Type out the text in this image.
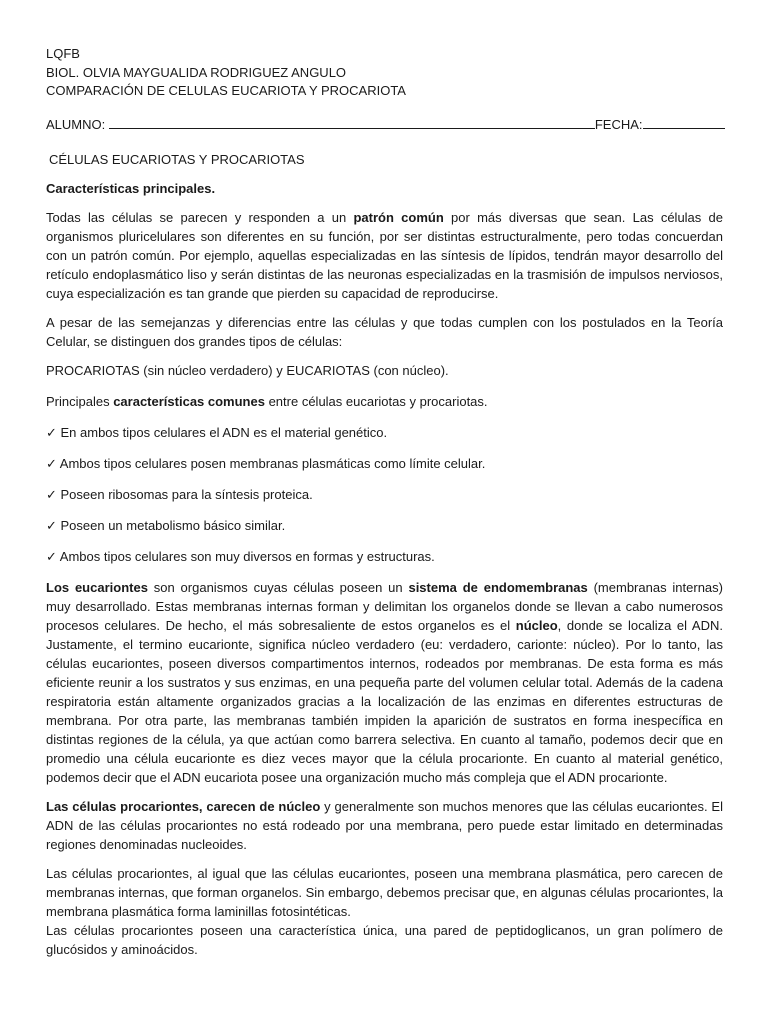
LQFB
BIOL. OLVIA MAYGUALIDA RODRIGUEZ ANGULO
COMPARACIÓN DE CELULAS EUCARIOTA Y PROCARIOTA
ALUMNO:	FECHA:

CÉLULAS EUCARIOTAS Y PROCARIOTAS

Características principales.

Todas las células se parecen y responden a un patrón común por más diversas que sean. Las células de organismos pluricelulares son diferentes en su función, por ser distintas estructuralmente, pero todas concuerdan con un patrón común. Por ejemplo, aquellas especializadas en las síntesis de lípidos, tendrán mayor desarrollo del retículo endoplasmático liso y serán distintas de las neuronas especializadas en la trasmisión de impulsos nerviosos, cuya especialización es tan grande que pierden su capacidad de reproducirse.

A pesar de las semejanzas y diferencias entre las células y que todas cumplen con los postulados en la Teoría Celular, se distinguen dos grandes tipos de células:

PROCARIOTAS (sin núcleo verdadero) y EUCARIOTAS (con núcleo).

Principales características comunes entre células eucariotas y procariotas.

✓ En ambos tipos celulares el ADN es el material genético.

✓ Ambos tipos celulares posen membranas plasmáticas como límite celular.

✓ Poseen ribosomas para la síntesis proteica.

✓ Poseen un metabolismo básico similar.

✓ Ambos tipos celulares son muy diversos en formas y estructuras.

Los eucariontes son organismos cuyas células poseen un sistema de endomembranas (membranas internas) muy desarrollado. Estas membranas internas forman y delimitan los organelos donde se llevan a cabo numerosos procesos celulares. De hecho, el más sobresaliente de estos organelos es el núcleo, donde se localiza el ADN. Justamente, el termino eucarionte, significa núcleo verdadero (eu: verdadero, carionte: núcleo). Por lo tanto, las células eucariontes, poseen diversos compartimentos internos, rodeados por membranas. De esta forma es más eficiente reunir a los sustratos y sus enzimas, en una pequeña parte del volumen celular total. Además de la cadena respiratoria están altamente organizados gracias a la localización de las enzimas en diferentes estructuras de membrana. Por otra parte, las membranas también impiden la aparición de sustratos en forma inespecífica en distintas regiones de la célula, ya que actúan como barrera selectiva. En cuanto al tamaño, podemos decir que en promedio una célula eucarionte es diez veces mayor que la célula procarionte. En cuanto al material genético, podemos decir que el ADN eucariota posee una organización mucho más compleja que el ADN procarionte.

Las células procariontes, carecen de núcleo y generalmente son muchos menores que las células eucariontes. El ADN de las células procariontes no está rodeado por una membrana, pero puede estar limitado en determinadas regiones denominadas nucleoides.

Las células procariontes, al igual que las células eucariontes, poseen una membrana plasmática, pero carecen de membranas internas, que forman organelos. Sin embargo, debemos precisar que, en algunas células procariontes, la membrana plasmática forma laminillas fotosintéticas.

Las células procariontes poseen una característica única, una pared de peptidoglicanos, un gran polímero de glucósidos y aminoácidos.
